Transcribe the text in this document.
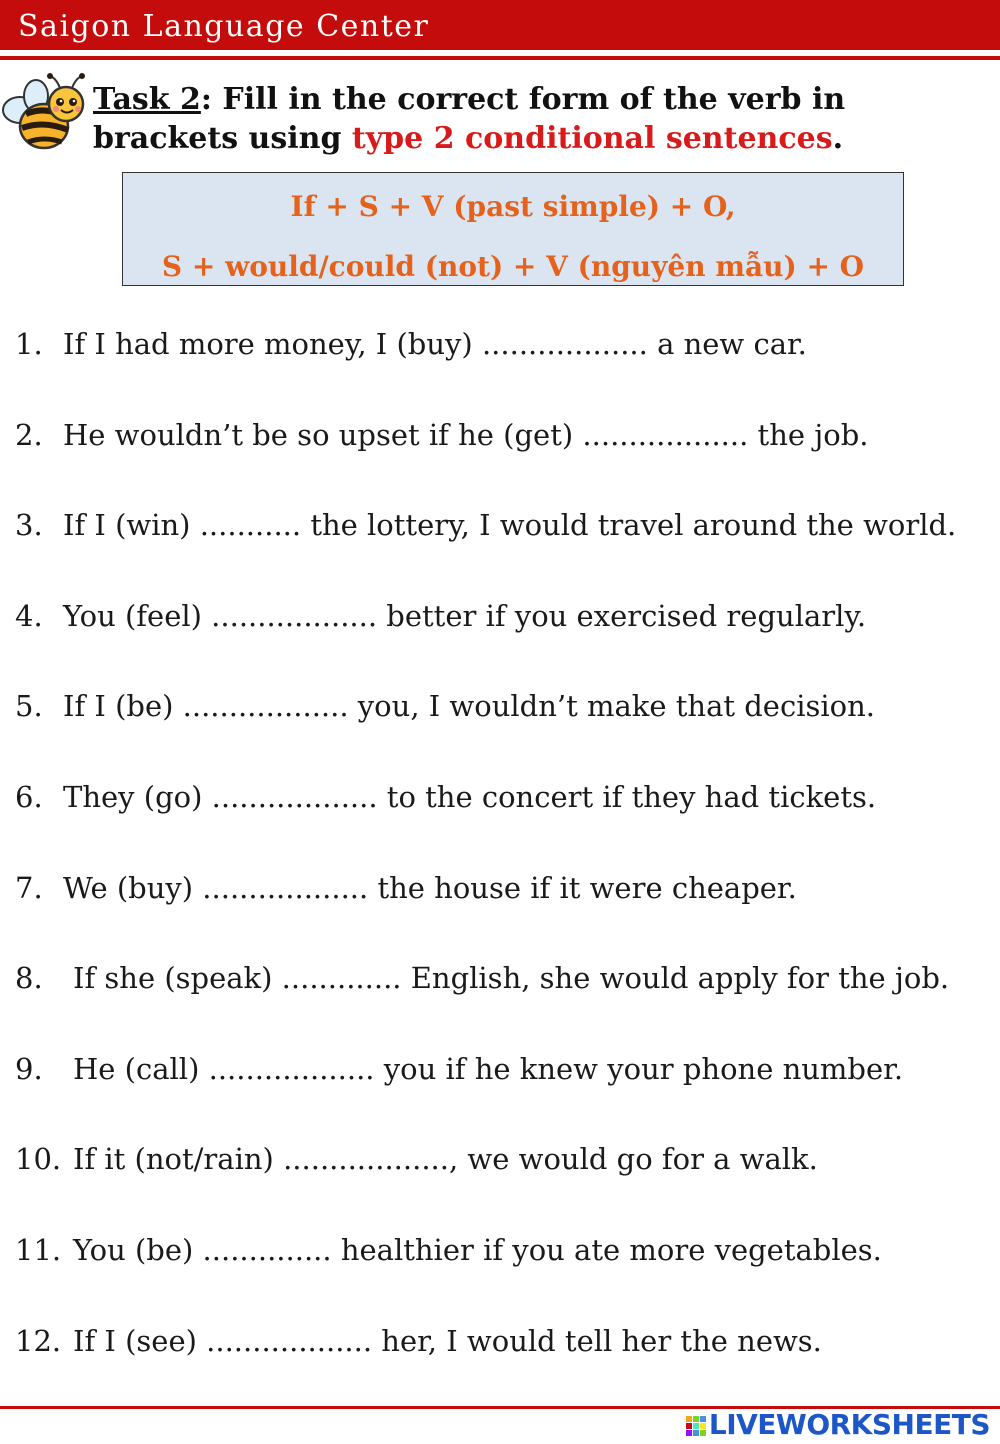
Saigon Language Center
Task 2: Fill in the correct form of the verb in brackets using type 2 conditional sentences.
If + S + V (past simple) + O,
S + would/could (not) + V (nguyên mẫu) + O
1. If I had more money, I (buy) .................. a new car.
2. He wouldn’t be so upset if he (get) .................. the job.
3. If I (win) ........... the lottery, I would travel around the world.
4. You (feel) .................. better if you exercised regularly.
5. If I (be) .................. you, I wouldn’t make that decision.
6. They (go) .................. to the concert if they had tickets.
7. We (buy) .................. the house if it were cheaper.
8. If she (speak) ............. English, she would apply for the job.
9. He (call) .................. you if he knew your phone number.
10. If it (not/rain) .................., we would go for a walk.
11. You (be) .............. healthier if you ate more vegetables.
12. If I (see) .................. her, I would tell her the news.
LIVEWORKSHEETS
